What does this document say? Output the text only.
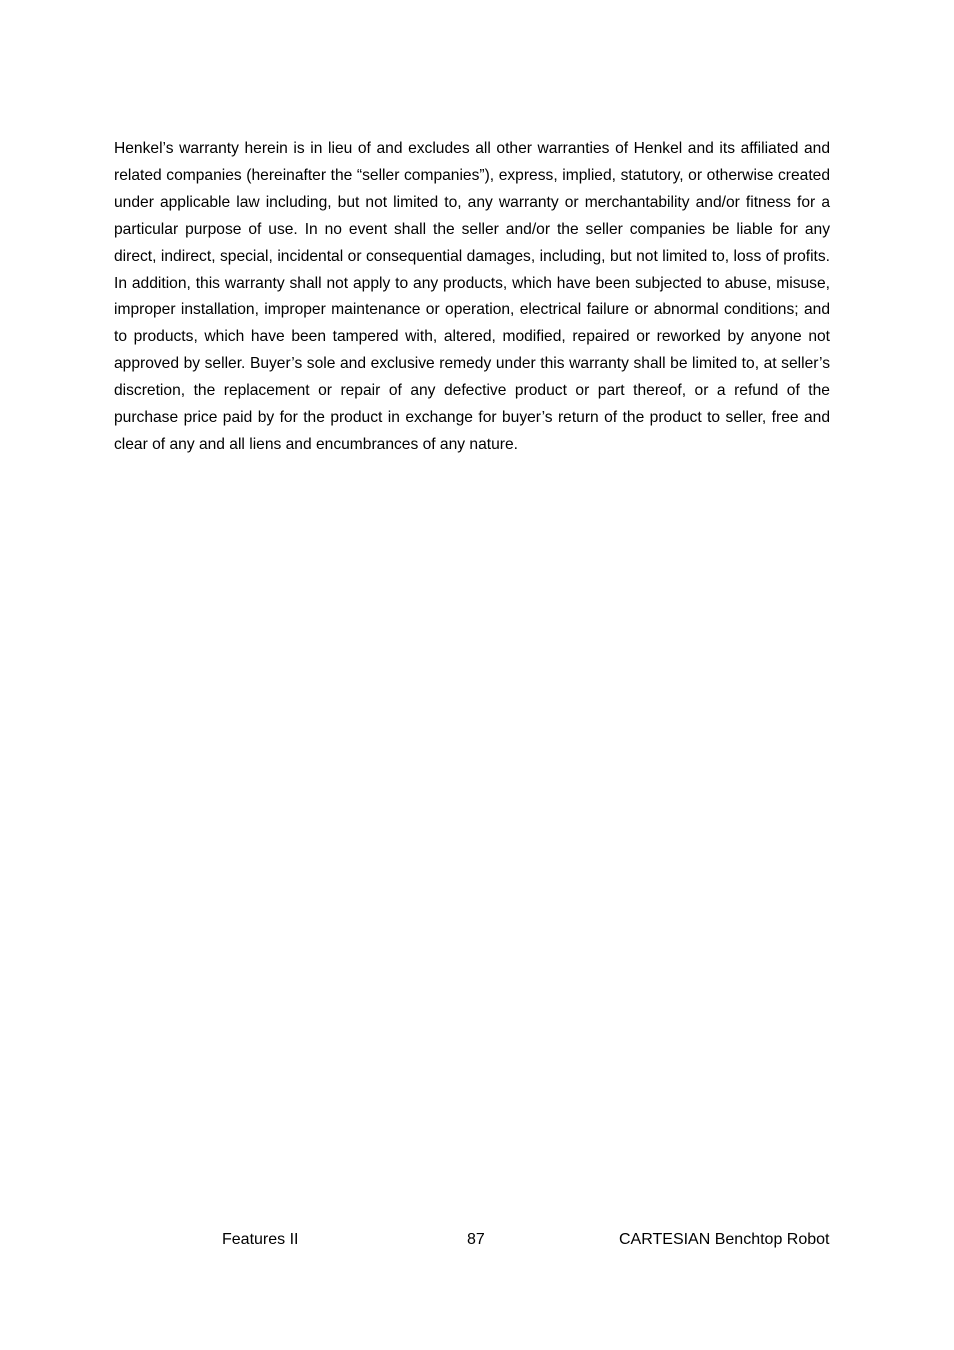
Henkel’s warranty herein is in lieu of and excludes all other warranties of Henkel and its affiliated and related companies (hereinafter the “seller companies”), express, implied, statutory, or otherwise created under applicable law including, but not limited to, any warranty or merchantability and/or fitness for a particular purpose of use. In no event shall the seller and/or the seller companies be liable for any direct, indirect, special, incidental or consequential damages, including, but not limited to, loss of profits. In addition, this warranty shall not apply to any products, which have been subjected to abuse, misuse, improper installation, improper maintenance or operation, electrical failure or abnormal conditions; and to products, which have been tampered with, altered, modified, repaired or reworked by anyone not approved by seller. Buyer’s sole and exclusive remedy under this warranty shall be limited to, at seller’s discretion, the replacement or repair of any defective product or part thereof, or a refund of the purchase price paid by for the product in exchange for buyer’s return of the product to seller, free and clear of any and all liens and encumbrances of any nature.

Features II	87	CARTESIAN Benchtop Robot
